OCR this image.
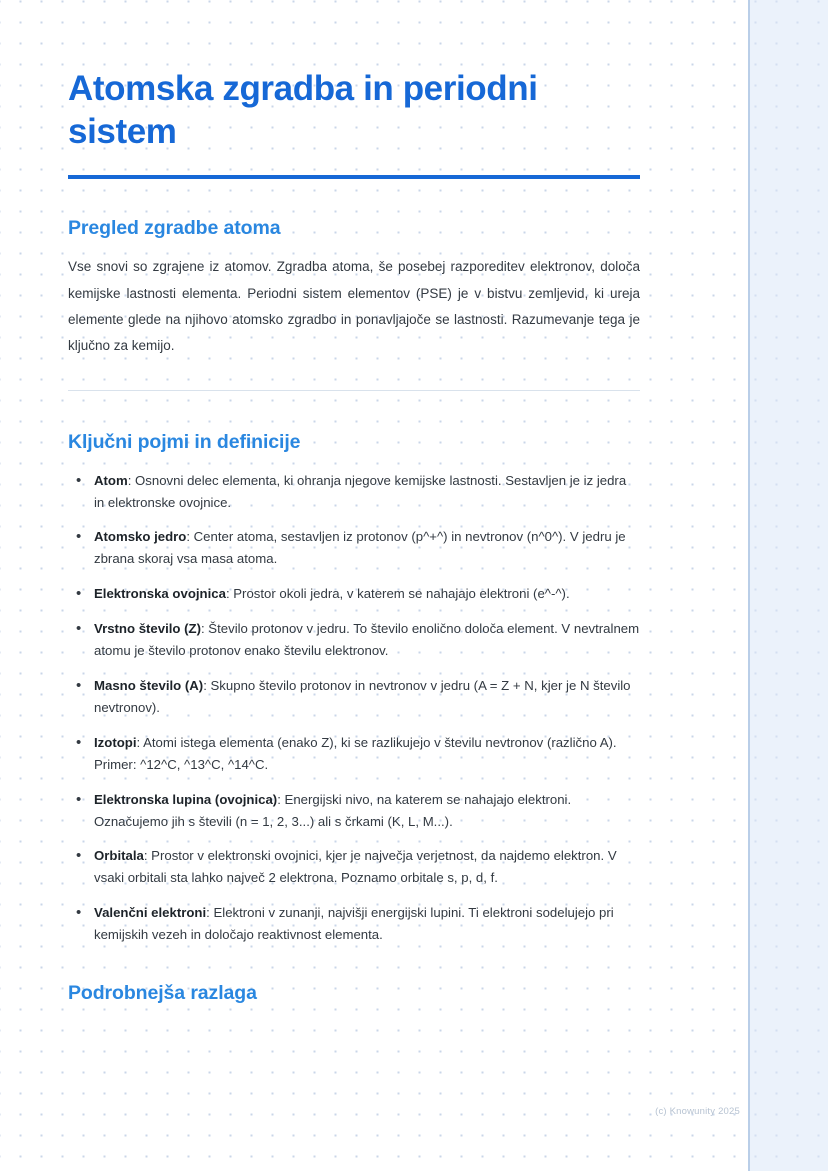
Atomska zgradba in periodni sistem
Pregled zgradbe atoma

Vse snovi so zgrajene iz atomov. Zgradba atoma, še posebej razporeditev elektronov, določa kemijske lastnosti elementa. Periodni sistem elementov (PSE) je v bistvu zemljevid, ki ureja elemente glede na njihovo atomsko zgradbo in ponavljajoče se lastnosti. Razumevanje tega je ključno za kemijo.

Ključni pojmi in definicije
• Atom: Osnovni delec elementa, ki ohranja njegove kemijske lastnosti. Sestavljen je iz jedra in elektronske ovojnice.
• Atomsko jedro: Center atoma, sestavljen iz protonov (p^+^) in nevtronov (n^0^). V jedru je zbrana skoraj vsa masa atoma.
• Elektronska ovojnica: Prostor okoli jedra, v katerem se nahajajo elektroni (e^-^).
• Vrstno število (Z): Število protonov v jedru. To število enolično določa element. V nevtralnem atomu je število protonov enako številu elektronov.
• Masno število (A): Skupno število protonov in nevtronov v jedru (A = Z + N, kjer je N število nevtronov).
• Izotopi: Atomi istega elementa (enako Z), ki se razlikujejo v številu nevtronov (različno A). Primer: ^12^C, ^13^C, ^14^C.
• Elektronska lupina (ovojnica): Energijski nivo, na katerem se nahajajo elektroni. Označujemo jih s števili (n = 1, 2, 3...) ali s črkami (K, L, M...).
• Orbitala: Prostor v elektronski ovojnici, kjer je največja verjetnost, da najdemo elektron. V vsaki orbitali sta lahko največ 2 elektrona. Poznamo orbitale s, p, d, f.
• Valenčni elektroni: Elektroni v zunanji, najvišji energijski lupini. Ti elektroni sodelujejo pri kemijskih vezeh in določajo reaktivnost elementa.
Podrobnejša razlaga
(c) Knowunity 2025
